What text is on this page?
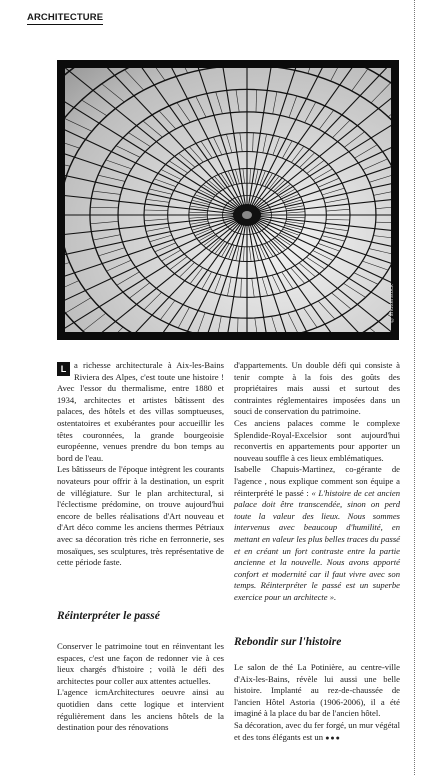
ARCHITECTURE
©shutterstock

L a richesse architecturale à Aix-les-Bains Riviera des Alpes, c'est toute une histoire ! Avec l'essor du thermalisme, entre 1880 et 1934, architectes et artistes bâtissent des palaces, des hôtels et des villas somptueuses, ostentatoires et exubérantes pour accueillir les têtes couronnées, la grande bourgeoisie européenne, venues prendre du bon temps au bord de l'eau.

Les bâtisseurs de l'époque intègrent les courants novateurs pour offrir à la destination, un esprit de villégiature. Sur le plan architectural, si l'éclectisme prédomine, on trouve aujourd'hui encore de belles réalisations d'Art nouveau et d'Art déco comme les anciens thermes Pétriaux avec sa décoration très riche en ferronnerie, ses mosaïques, ses sculptures, très représentative de cette période faste.

Réinterpréter le passé

Conserver le patrimoine tout en réinventant les espaces, c'est une façon de redonner vie à ces lieux chargés d'histoire ; voilà le défi des architectes pour coller aux attentes actuelles.

L'agence icmArchitectures oeuvre ainsi au quotidien dans cette logique et intervient régulièrement dans les anciens hôtels de la destination pour des rénovations

d'appartements. Un double défi qui consiste à tenir compte à la fois des goûts des propriétaires mais aussi et surtout des contraintes réglementaires imposées dans un souci de conservation du patrimoine.

Ces anciens palaces comme le complexe Splendide-Royal-Excelsior sont aujourd'hui reconvertis en appartements pour apporter un nouveau souffle à ces lieux emblématiques.

Isabelle Chapuis-Martinez, co-gérante de l'agence , nous explique comment son équipe a réinterprété le passé : « L'histoire de cet ancien palace doit être transcendée, sinon on perd toute la valeur des lieux. Nous sommes intervenus avec beaucoup d'humilité, en mettant en valeur les plus belles traces du passé et en créant un fort contraste entre la partie ancienne et la nouvelle. Nous avons apporté confort et modernité car il faut vivre avec son temps. Réinterpréter le passé est un superbe exercice pour un architecte ».

Rebondir sur l'histoire

Le salon de thé La Potinière, au centre-ville d'Aix-les-Bains, révèle lui aussi une belle histoire. Implanté au rez-de-chaussée de l'ancien Hôtel Astoria (1906-2006), il a été imaginé à la place du bar de l'ancien hôtel.

Sa décoration, avec du fer forgé, un mur végétal et des tons élégants est un ●●●
